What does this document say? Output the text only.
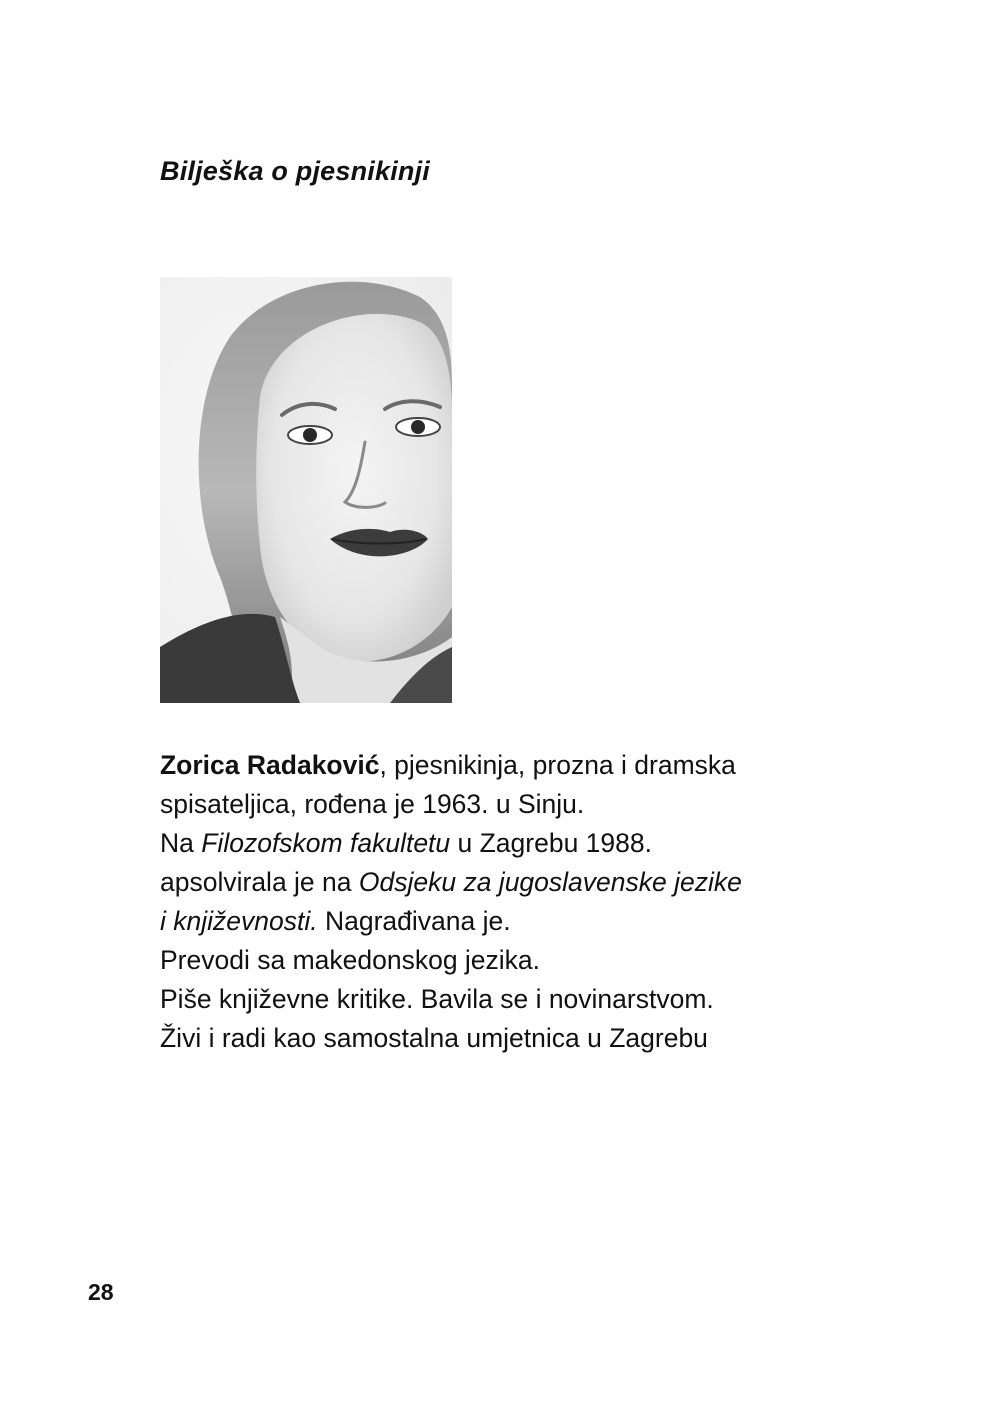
Bilješka o pjesnikinji
Zorica Radaković, pjesnikinja, prozna i dramska
spisateljica, rođena je 1963. u Sinju.
Na Filozofskom fakultetu u Zagrebu 1988.
apsolvirala je na Odsjeku za jugoslavenske jezike
i književnosti. Nagrađivana je.
Prevodi sa makedonskog jezika.
Piše književne kritike. Bavila se i novinarstvom.
Živi i radi kao samostalna umjetnica u Zagrebu
28
